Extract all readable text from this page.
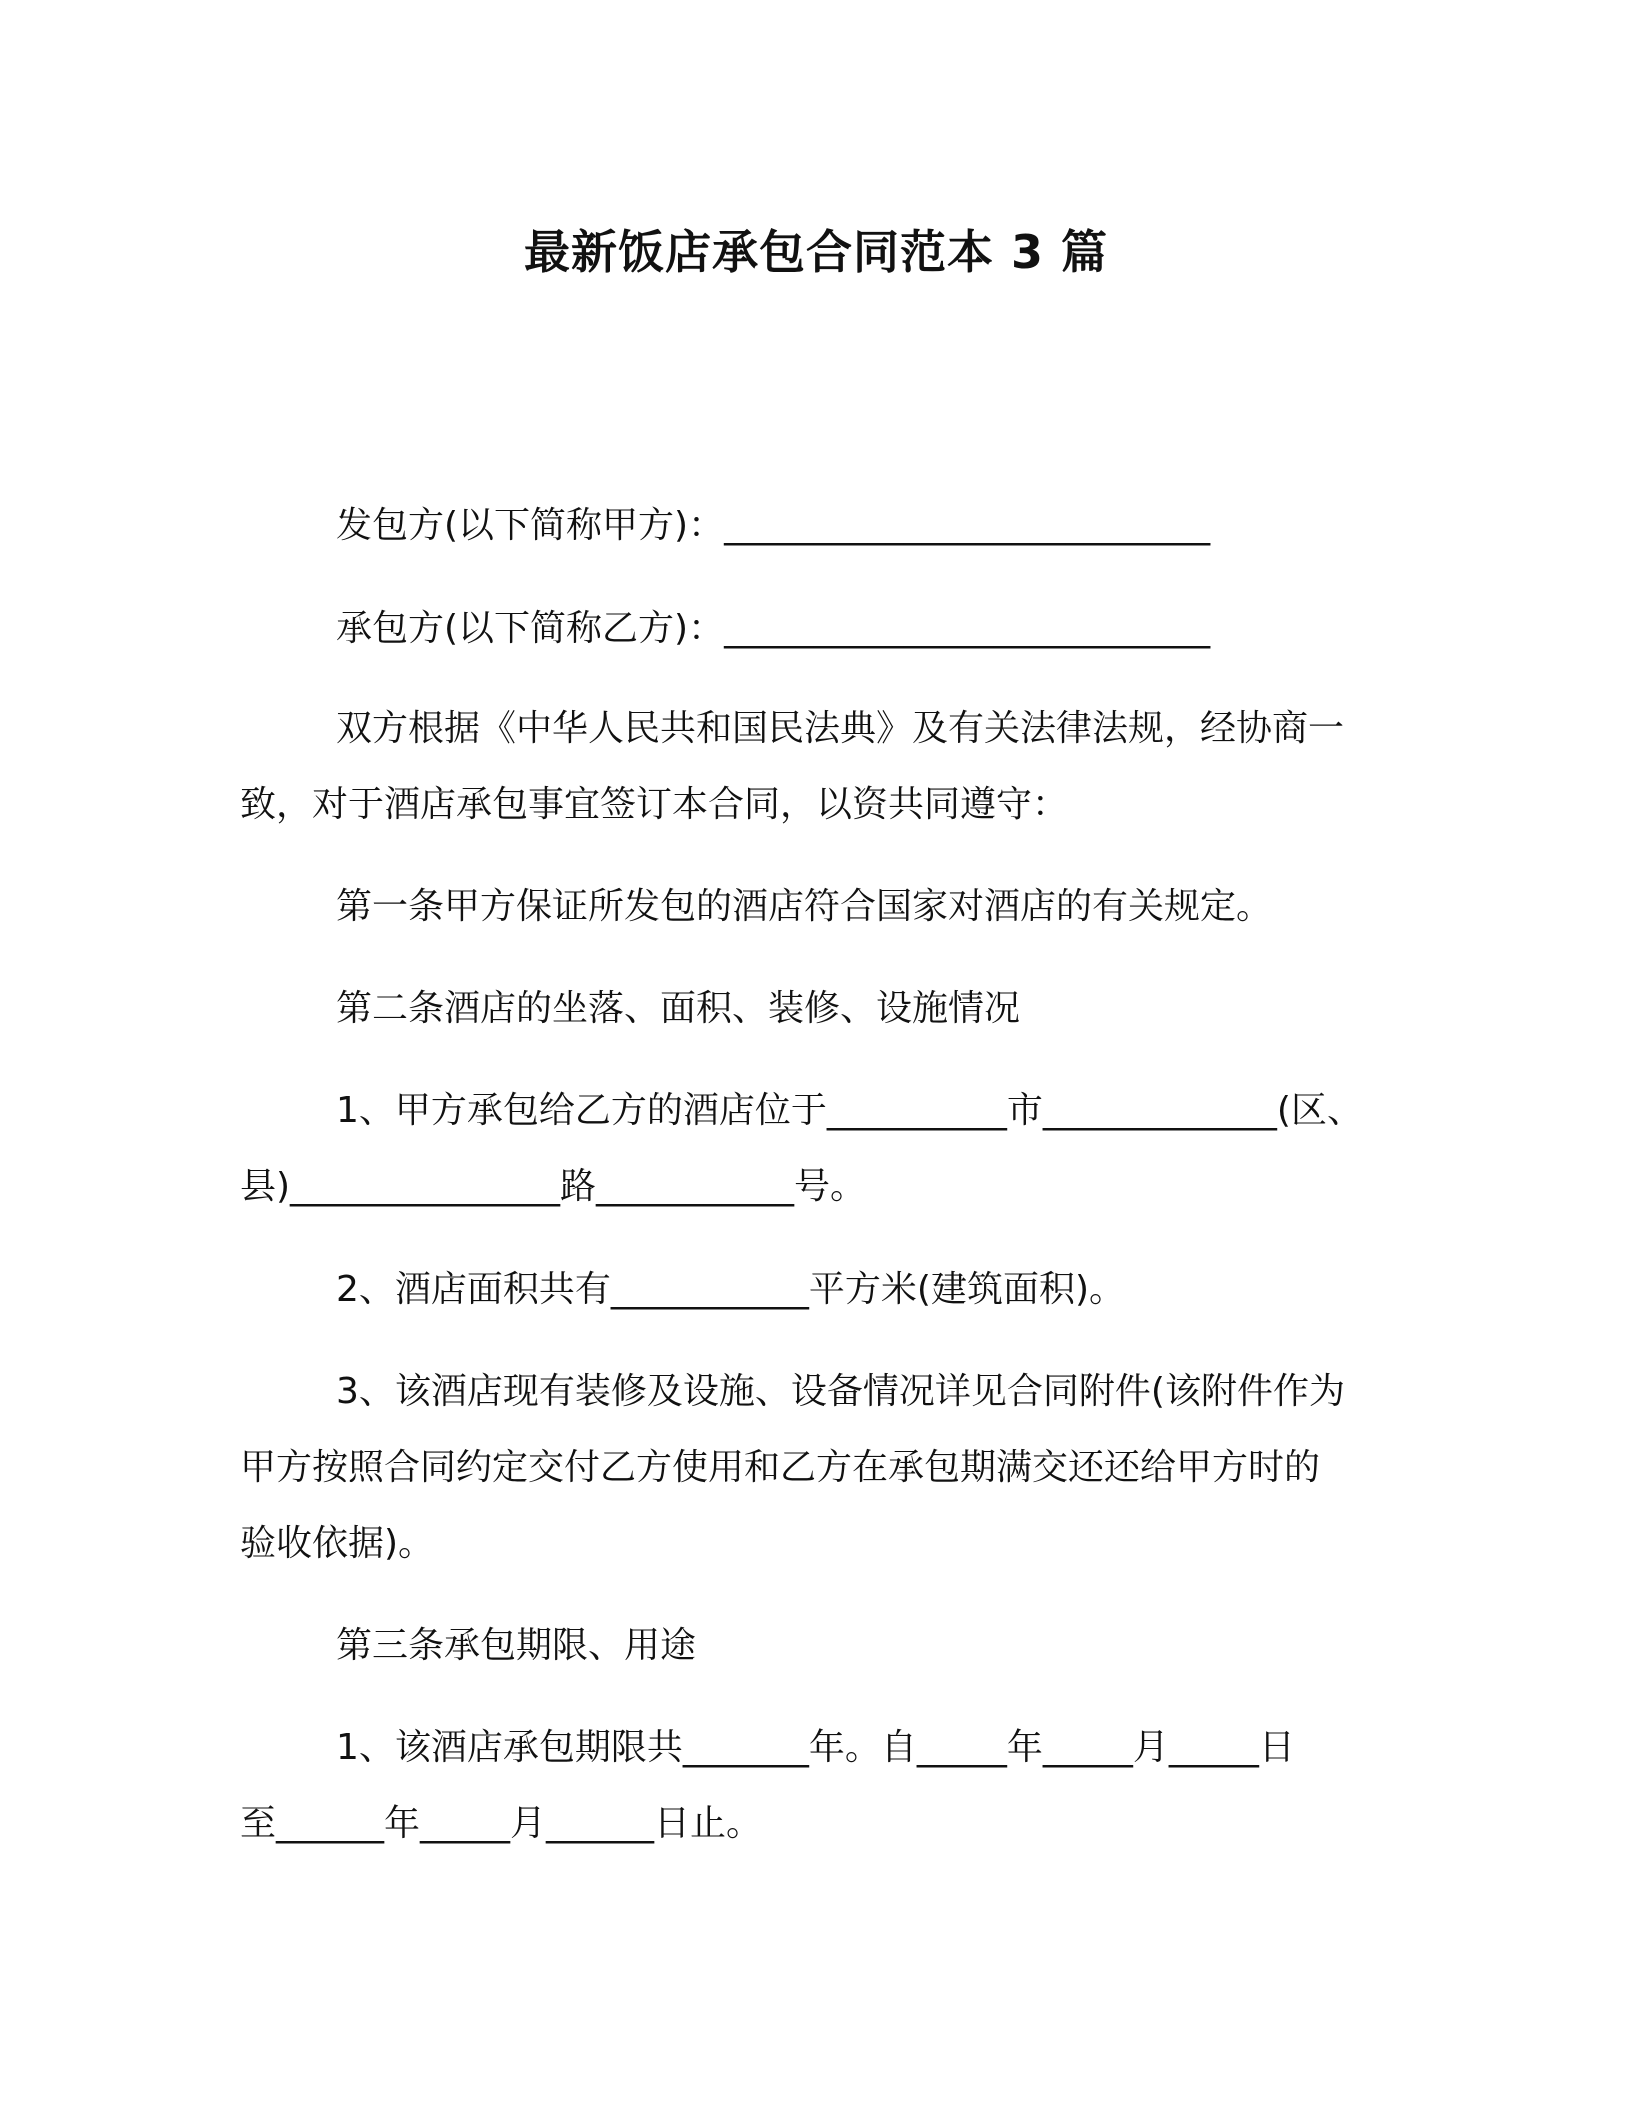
最新饭店承包合同范本 3 篇
发包方(以下简称甲方)：___________________________
承包方(以下简称乙方)：___________________________
双方根据《中华人民共和国民法典》及有关法律法规，经协商一
致，对于酒店承包事宜签订本合同，以资共同遵守：
第一条甲方保证所发包的酒店符合国家对酒店的有关规定。
第二条酒店的坐落、面积、装修、设施情况
1、甲方承包给乙方的酒店位于__________市_____________(区、
县)_______________路___________号。
2、酒店面积共有___________平方米(建筑面积)。
3、该酒店现有装修及设施、设备情况详见合同附件(该附件作为
甲方按照合同约定交付乙方使用和乙方在承包期满交还还给甲方时的
验收依据)。
第三条承包期限、用途
1、该酒店承包期限共_______年。自_____年_____月_____日
至______年_____月______日止。
